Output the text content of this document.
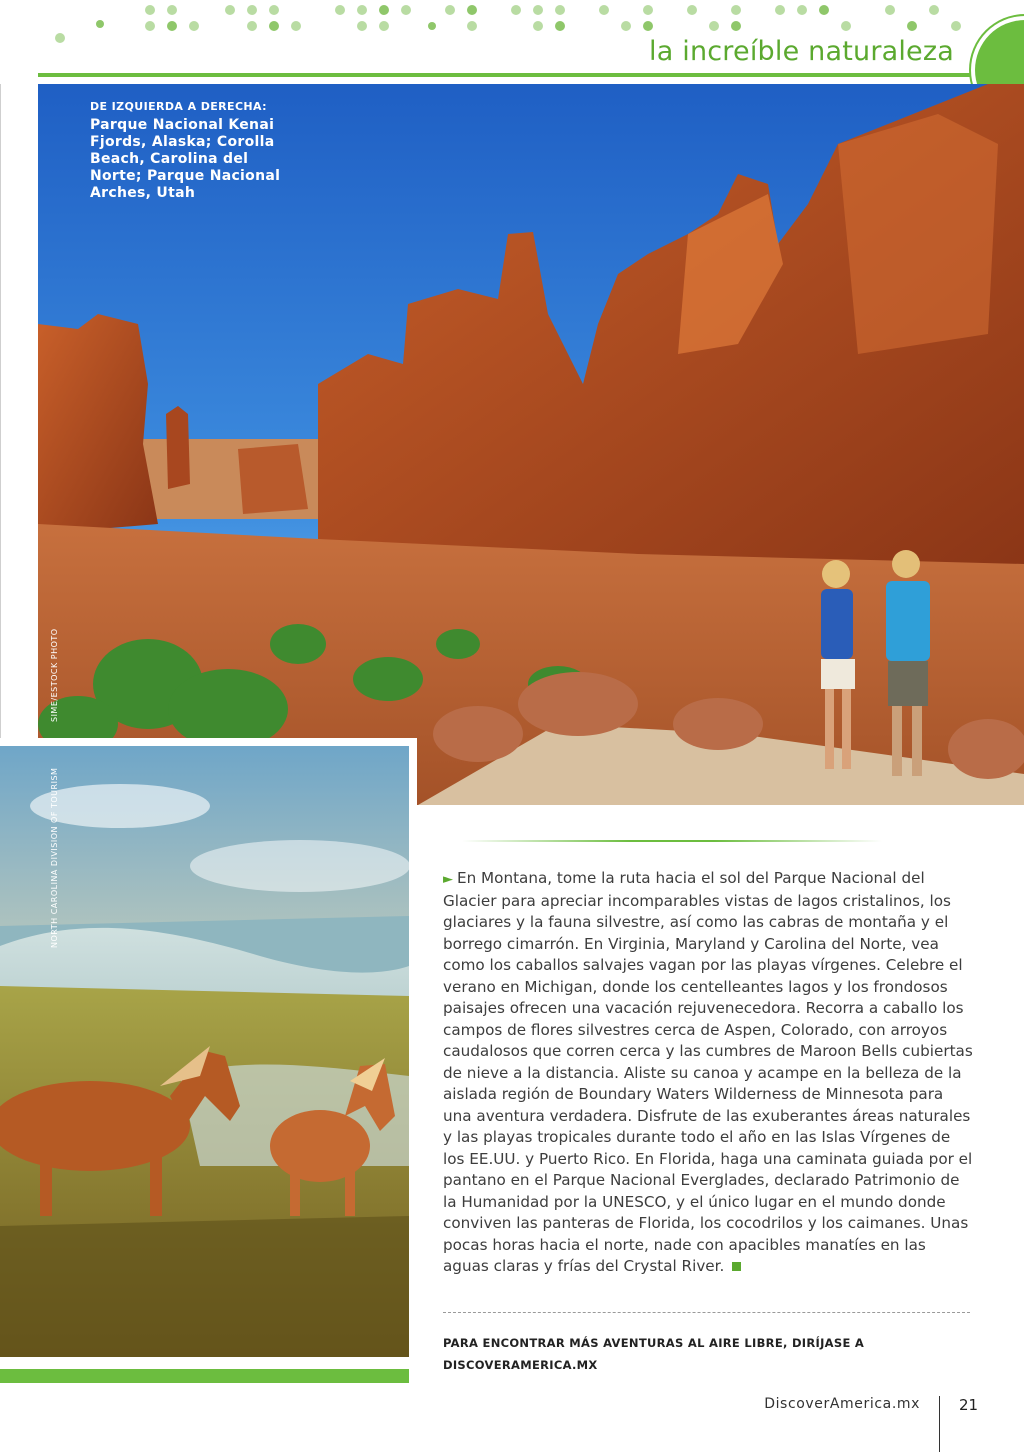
la increíble naturaleza
DE IZQUIERDA A DERECHA:
Parque Nacional Kenai Fjords, Alaska; Corolla Beach, Carolina del Norte; Parque Nacional Arches, Utah
SIME/ESTOCK PHOTO
NORTH CAROLINA DIVISION OF TOURISM	► En Montana, tome la ruta hacia el sol del Parque Nacional del Glacier para apreciar incomparables vistas de lagos cristalinos, los glaciares y la fauna silvestre, así como las cabras de montaña y el borrego cimarrón. En Virginia, Maryland y Carolina del Norte, vea como los caballos salvajes vagan por las playas vírgenes. Celebre el verano en Michigan, donde los centelleantes lagos y los frondosos paisajes ofrecen una vacación rejuvenecedora. Recorra a caballo los campos de flores silvestres cerca de Aspen, Colorado, con arroyos caudalosos que corren cerca y las cumbres de Maroon Bells cubiertas de nieve a la distancia. Aliste su canoa y acampe en la belleza de la aislada región de Boundary Waters Wilderness de Minnesota para una aventura verdadera. Disfrute de las exuberantes áreas naturales y las playas tropicales durante todo el año en las Islas Vírgenes de los EE.UU. y Puerto Rico. En Florida, haga una caminata guiada por el pantano en el Parque Nacional Everglades, declarado Patrimonio de la Humanidad por la UNESCO, y el único lugar en el mundo donde conviven las panteras de Florida, los cocodrilos y los caimanes. Unas pocas horas hacia el norte, nade con apacibles manatíes en las aguas claras y frías del Crystal River.
PARA ENCONTRAR MÁS AVENTURAS AL AIRE LIBRE, DIRÍJASE A
DISCOVERAMERICA.MX
DiscoverAmerica.mx	21
